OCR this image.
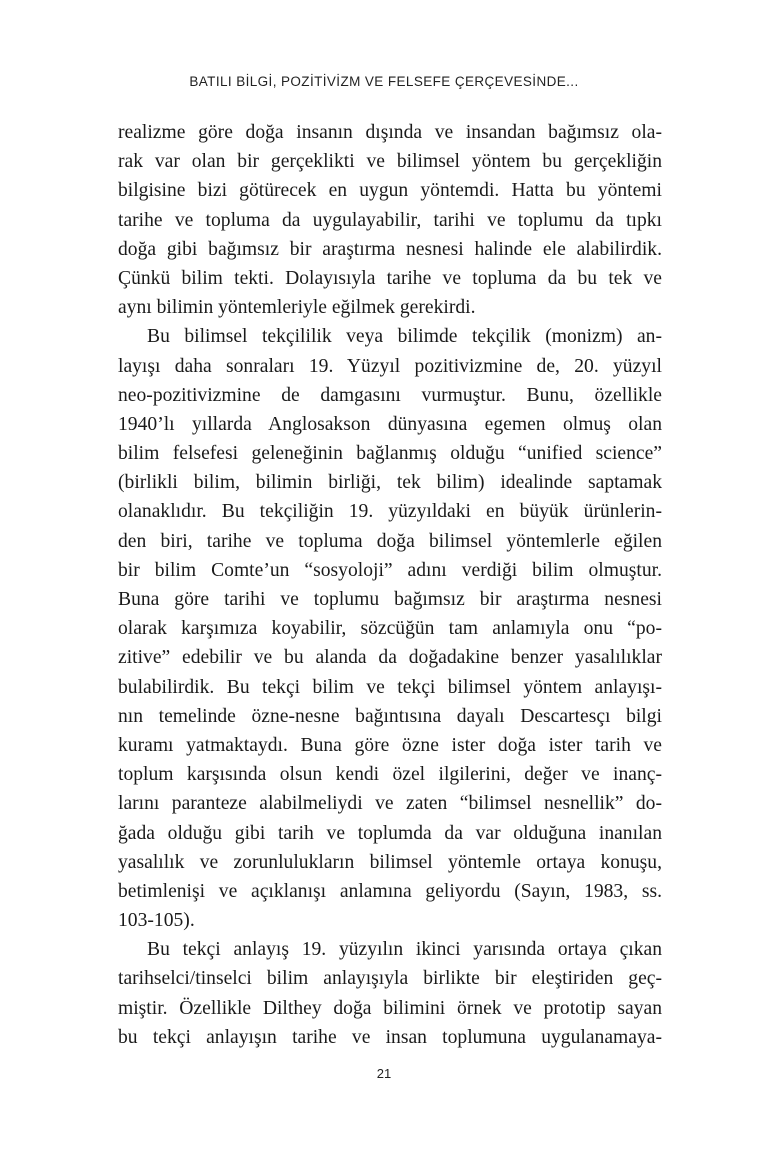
BATILI BİLGİ, POZİTİVİZM VE FELSEFE ÇERÇEVESİNDE...
realizme göre doğa insanın dışında ve insandan bağımsız ola-
rak var olan bir gerçeklikti ve bilimsel yöntem bu gerçekliğin
bilgisine bizi götürecek en uygun yöntemdi. Hatta bu yöntemi
tarihe ve topluma da uygulayabilir, tarihi ve toplumu da tıpkı
doğa gibi bağımsız bir araştırma nesnesi halinde ele alabilirdik.
Çünkü bilim tekti. Dolayısıyla tarihe ve topluma da bu tek ve
aynı bilimin yöntemleriyle eğilmek gerekirdi.
Bu bilimsel tekçililik veya bilimde tekçilik (monizm) an-
layışı daha sonraları 19. Yüzyıl pozitivizmine de, 20. yüzyıl
neo-pozitivizmine de damgasını vurmuştur. Bunu, özellikle
1940’lı yıllarda Anglosakson dünyasına egemen olmuş olan
bilim felsefesi geleneğinin bağlanmış olduğu “unified science”
(birlikli bilim, bilimin birliği, tek bilim) idealinde saptamak
olanaklıdır. Bu tekçiliğin 19. yüzyıldaki en büyük ürünlerin-
den biri, tarihe ve topluma doğa bilimsel yöntemlerle eğilen
bir bilim Comte’un “sosyoloji” adını verdiği bilim olmuştur.
Buna göre tarihi ve toplumu bağımsız bir araştırma nesnesi
olarak karşımıza koyabilir, sözcüğün tam anlamıyla onu “po-
zitive” edebilir ve bu alanda da doğadakine benzer yasalılıklar
bulabilirdik. Bu tekçi bilim ve tekçi bilimsel yöntem anlayışı-
nın temelinde özne-nesne bağıntısına dayalı Descartesçı bilgi
kuramı yatmaktaydı. Buna göre özne ister doğa ister tarih ve
toplum karşısında olsun kendi özel ilgilerini, değer ve inanç-
larını paranteze alabilmeliydi ve zaten “bilimsel nesnellik” do-
ğada olduğu gibi tarih ve toplumda da var olduğuna inanılan
yasalılık ve zorunlulukların bilimsel yöntemle ortaya konuşu,
betimlenişi ve açıklanışı anlamına geliyordu (Sayın, 1983, ss.
103-105).
Bu tekçi anlayış 19. yüzyılın ikinci yarısında ortaya çıkan
tarihselci/tinselci bilim anlayışıyla birlikte bir eleştiriden geç-
miştir. Özellikle Dilthey doğa bilimini örnek ve prototip sayan
bu tekçi anlayışın tarihe ve insan toplumuna uygulanamaya-
21
